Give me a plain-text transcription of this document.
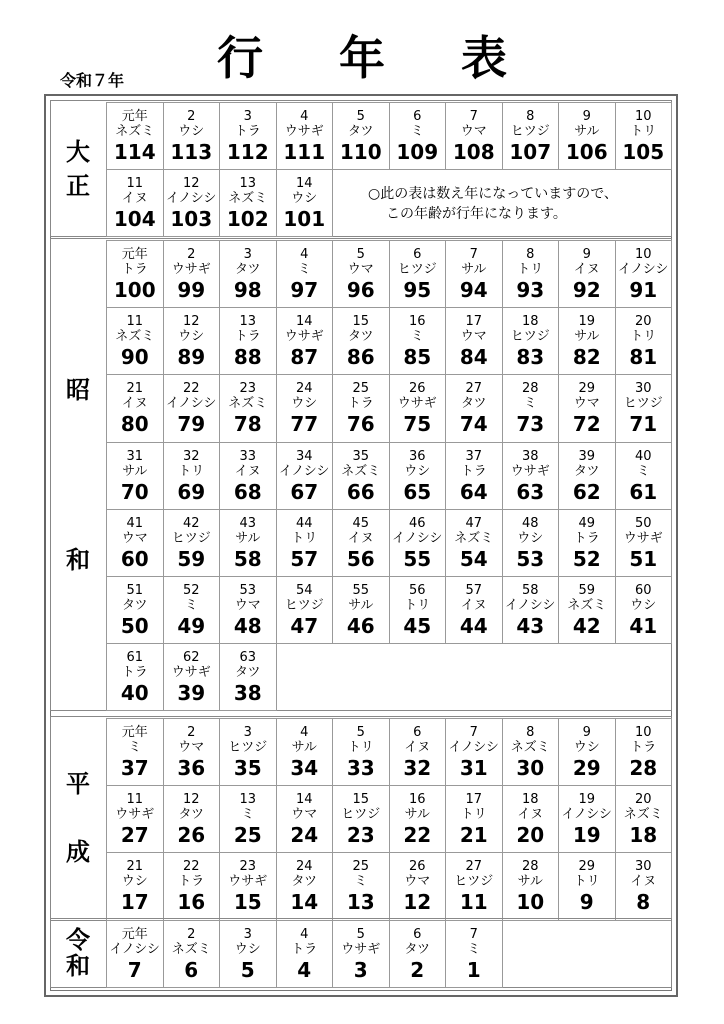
行 年 表
令和７年
大
正
元年
ネズミ
114
2
ウシ
113
3
トラ
112
4
ウサギ
111
5
タツ
110
6
ミ
109
7
ウマ
108
8
ヒツジ
107
9
サル
106
10
トリ
105
11
イヌ
104
12
イノシシ
103
13
ネズミ
102
14
ウシ
101
昭

和
元年
トラ
100
2
ウサギ
99
3
タツ
98
4
ミ
97
5
ウマ
96
6
ヒツジ
95
7
サル
94
8
トリ
93
9
イヌ
92
10
イノシシ
91
11
ネズミ
90
12
ウシ
89
13
トラ
88
14
ウサギ
87
15
タツ
86
16
ミ
85
17
ウマ
84
18
ヒツジ
83
19
サル
82
20
トリ
81
21
イヌ
80
22
イノシシ
79
23
ネズミ
78
24
ウシ
77
25
トラ
76
26
ウサギ
75
27
タツ
74
28
ミ
73
29
ウマ
72
30
ヒツジ
71
31
サル
70
32
トリ
69
33
イヌ
68
34
イノシシ
67
35
ネズミ
66
36
ウシ
65
37
トラ
64
38
ウサギ
63
39
タツ
62
40
ミ
61
41
ウマ
60
42
ヒツジ
59
43
サル
58
44
トリ
57
45
イヌ
56
46
イノシシ
55
47
ネズミ
54
48
ウシ
53
49
トラ
52
50
ウサギ
51
51
タツ
50
52
ミ
49
53
ウマ
48
54
ヒツジ
47
55
サル
46
56
トリ
45
57
イヌ
44
58
イノシシ
43
59
ネズミ
42
60
ウシ
41
61
トラ
40
62
ウサギ
39
63
タツ
38
平

成
元年
ミ
37
2
ウマ
36
3
ヒツジ
35
4
サル
34
5
トリ
33
6
イヌ
32
7
イノシシ
31
8
ネズミ
30
9
ウシ
29
10
トラ
28
11
ウサギ
27
12
タツ
26
13
ミ
25
14
ウマ
24
15
ヒツジ
23
16
サル
22
17
トリ
21
18
イヌ
20
19
イノシシ
19
20
ネズミ
18
21
ウシ
17
22
トラ
16
23
ウサギ
15
24
タツ
14
25
ミ
13
26
ウマ
12
27
ヒツジ
11
28
サル
10
29
トリ
9
30
イヌ
8
令
和
元年
イノシシ
7
2
ネズミ
6
3
ウシ
5
4
トラ
4
5
ウサギ
3
6
タツ
2
7
ミ
1
○此の表は数え年になっていますので、
この年齢が行年になります。
